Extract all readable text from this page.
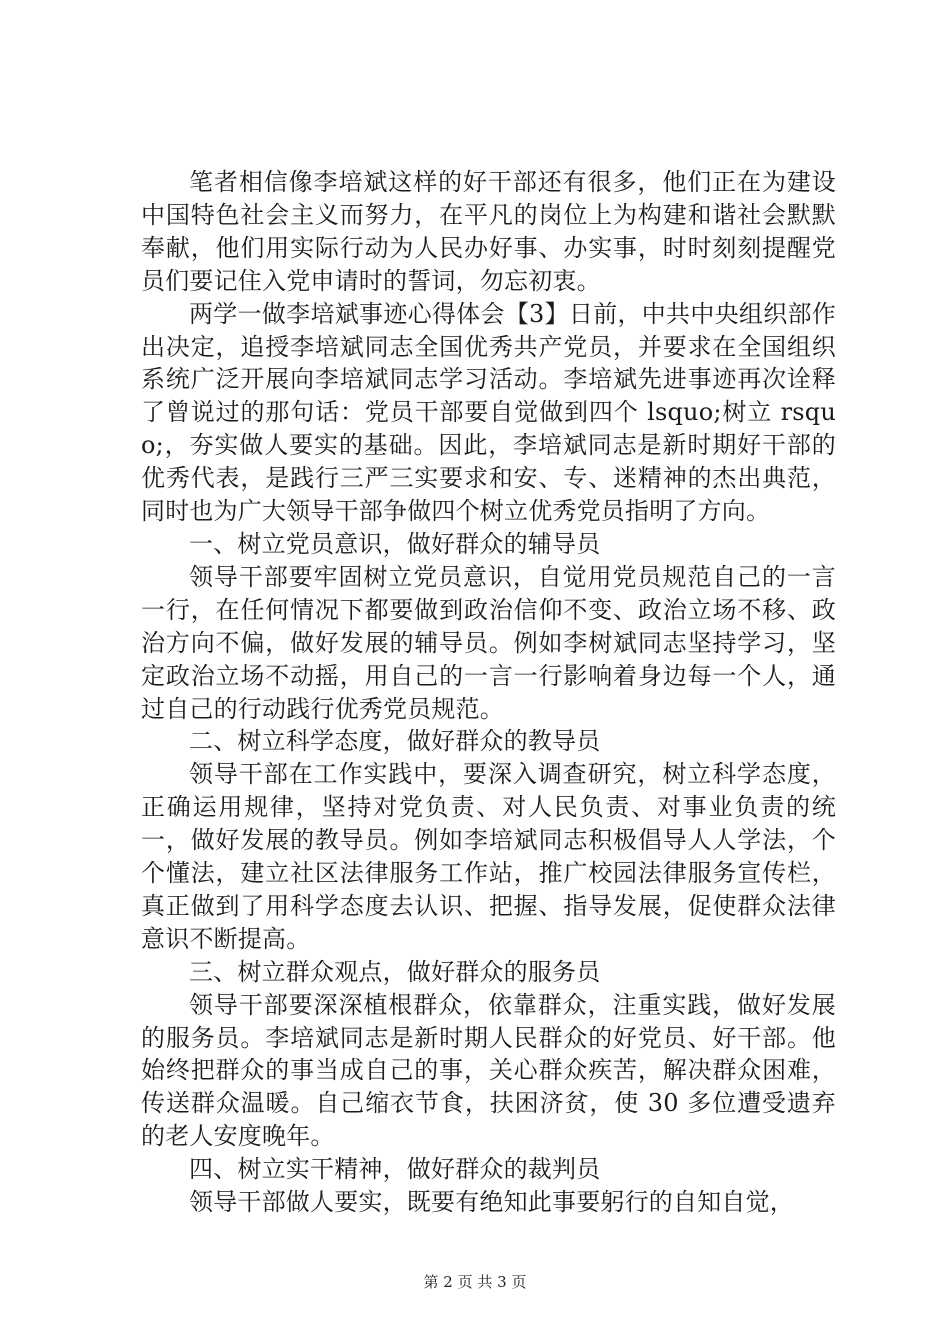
笔者相信像李培斌这样的好干部还有很多，他们正在为建设中国特色社会主义而努力，在平凡的岗位上为构建和谐社会默默奉献，他们用实际行动为人民办好事、办实事，时时刻刻提醒党员们要记住入党申请时的誓词，勿忘初衷。

两学一做李培斌事迹心得体会【3】日前，中共中央组织部作出决定，追授李培斌同志全国优秀共产党员，并要求在全国组织系统广泛开展向李培斌同志学习活动。李培斌先进事迹再次诠释了曾说过的那句话：党员干部要自觉做到四个 lsquo;树立 rsquo;，夯实做人要实的基础。因此，李培斌同志是新时期好干部的优秀代表，是践行三严三实要求和安、专、迷精神的杰出典范，同时也为广大领导干部争做四个树立优秀党员指明了方向。

一、树立党员意识，做好群众的辅导员

领导干部要牢固树立党员意识，自觉用党员规范自己的一言一行，在任何情况下都要做到政治信仰不变、政治立场不移、政治方向不偏，做好发展的辅导员。例如李树斌同志坚持学习，坚定政治立场不动摇，用自己的一言一行影响着身边每一个人，通过自己的行动践行优秀党员规范。

二、树立科学态度，做好群众的教导员

领导干部在工作实践中，要深入调查研究，树立科学态度，正确运用规律，坚持对党负责、对人民负责、对事业负责的统一，做好发展的教导员。例如李培斌同志积极倡导人人学法，个个懂法，建立社区法律服务工作站，推广校园法律服务宣传栏，真正做到了用科学态度去认识、把握、指导发展，促使群众法律意识不断提高。

三、树立群众观点，做好群众的服务员

领导干部要深深植根群众，依靠群众，注重实践，做好发展的服务员。李培斌同志是新时期人民群众的好党员、好干部。他始终把群众的事当成自己的事，关心群众疾苦，解决群众困难，传送群众温暖。自己缩衣节食，扶困济贫，使 30 多位遭受遗弃的老人安度晚年。

四、树立实干精神，做好群众的裁判员

领导干部做人要实，既要有绝知此事要躬行的自知自觉，

第 2 页 共 3 页
